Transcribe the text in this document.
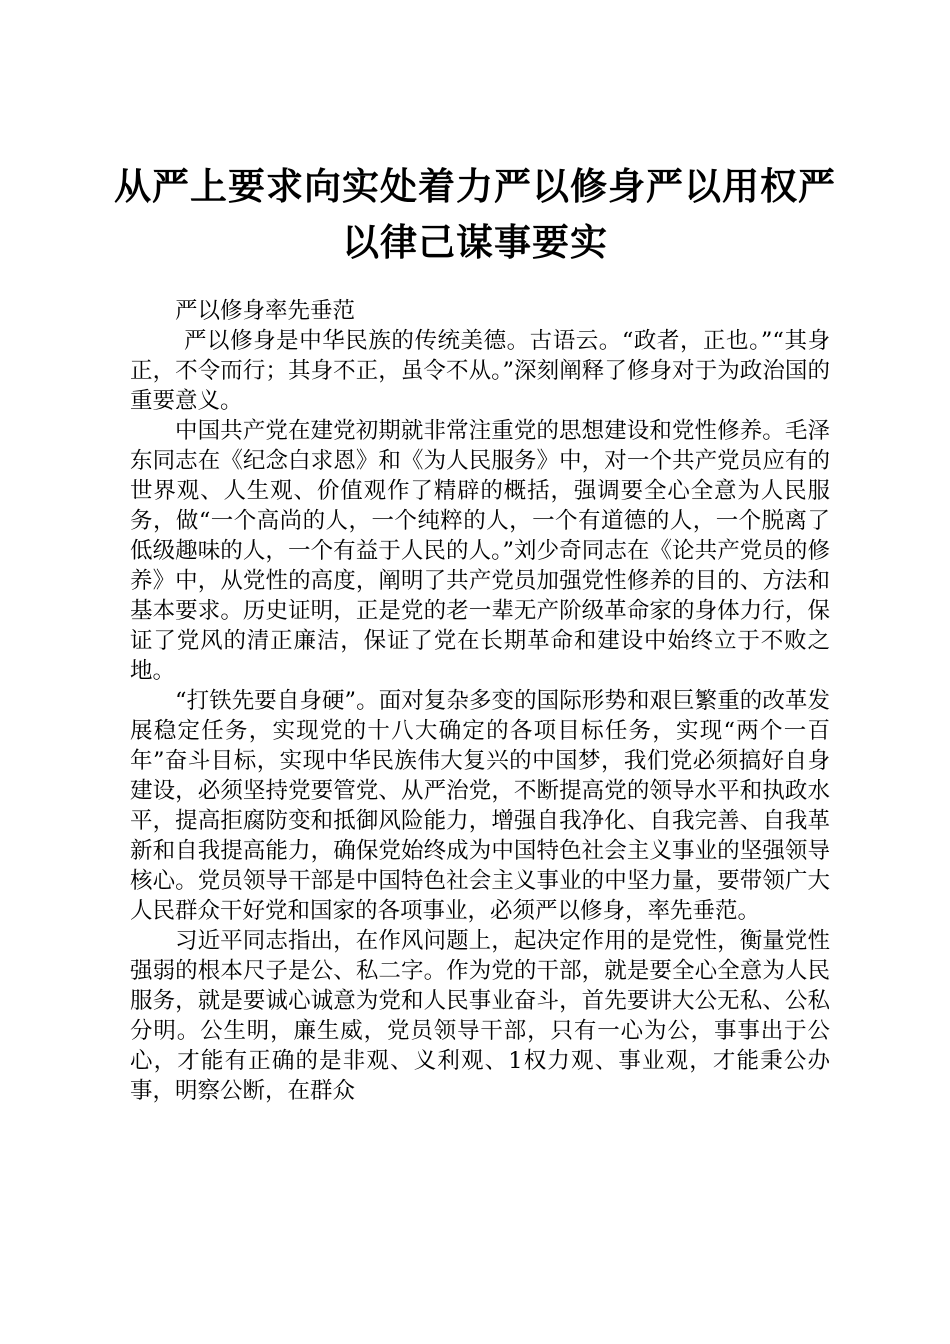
从严上要求向实处着力严以修身严以用权严以律己谋事要实

严以修身率先垂范

严以修身是中华民族的传统美德。古语云。“政者，正也。”“其身正，不令而行；其身不正，虽令不从。”深刻阐释了修身对于为政治国的重要意义。

中国共产党在建党初期就非常注重党的思想建设和党性修养。毛泽东同志在《纪念白求恩》和《为人民服务》中，对一个共产党员应有的世界观、人生观、价值观作了精辟的概括，强调要全心全意为人民服务，做“一个高尚的人，一个纯粹的人，一个有道德的人，一个脱离了低级趣味的人，一个有益于人民的人。”刘少奇同志在《论共产党员的修养》中，从党性的高度，阐明了共产党员加强党性修养的目的、方法和基本要求。历史证明，正是党的老一辈无产阶级革命家的身体力行，保证了党风的清正廉洁，保证了党在长期革命和建设中始终立于不败之地。

“打铁先要自身硬”。面对复杂多变的国际形势和艰巨繁重的改革发展稳定任务，实现党的十八大确定的各项目标任务，实现“两个一百年”奋斗目标，实现中华民族伟大复兴的中国梦，我们党必须搞好自身建设，必须坚持党要管党、从严治党，不断提高党的领导水平和执政水平，提高拒腐防变和抵御风险能力，增强自我净化、自我完善、自我革新和自我提高能力，确保党始终成为中国特色社会主义事业的坚强领导核心。党员领导干部是中国特色社会主义事业的中坚力量，要带领广大人民群众干好党和国家的各项事业，必须严以修身，率先垂范。

习近平同志指出，在作风问题上，起决定作用的是党性，衡量党性强弱的根本尺子是公、私二字。作为党的干部，就是要全心全意为人民服务，就是要诚心诚意为党和人民事业奋斗，首先要讲大公无私、公私分明。公生明，廉生威，党员领导干部，只有一心为公，事事出于公心，才能有正确的是非观、义利观、1权力观、事业观，才能秉公办事，明察公断，在群众
